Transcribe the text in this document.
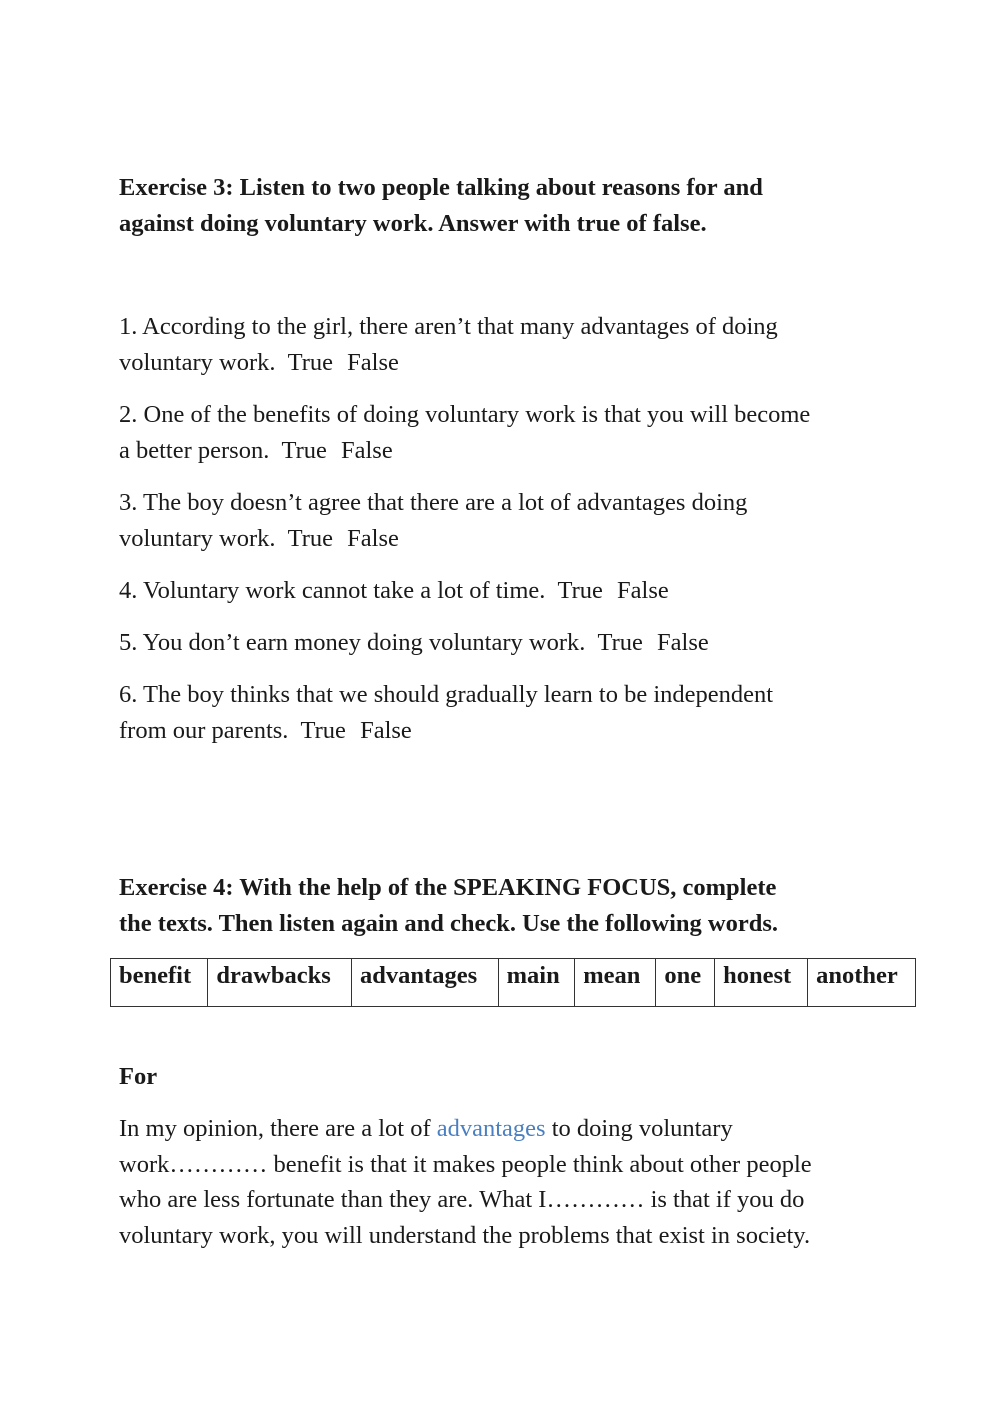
Exercise 3: Listen to two people talking about reasons for and
against doing voluntary work. Answer with true of false.

1. According to the girl, there aren’t that many advantages of doing
voluntary work. True False
2. One of the benefits of doing voluntary work is that you will become
a better person. True False
3. The boy doesn’t agree that there are a lot of advantages doing
voluntary work. True False
4. Voluntary work cannot take a lot of time. True False
5. You don’t earn money doing voluntary work. True False
6. The boy thinks that we should gradually learn to be independent
from our parents. True False

Exercise 4: With the help of the SPEAKING FOCUS, complete
the texts. Then listen again and check. Use the following words.

benefit	drawbacks	advantages	main	mean	one	honest	another

For

In my opinion, there are a lot of advantages to doing voluntary
work………… benefit is that it makes people think about other people
who are less fortunate than they are. What I………… is that if you do
voluntary work, you will understand the problems that exist in society.
